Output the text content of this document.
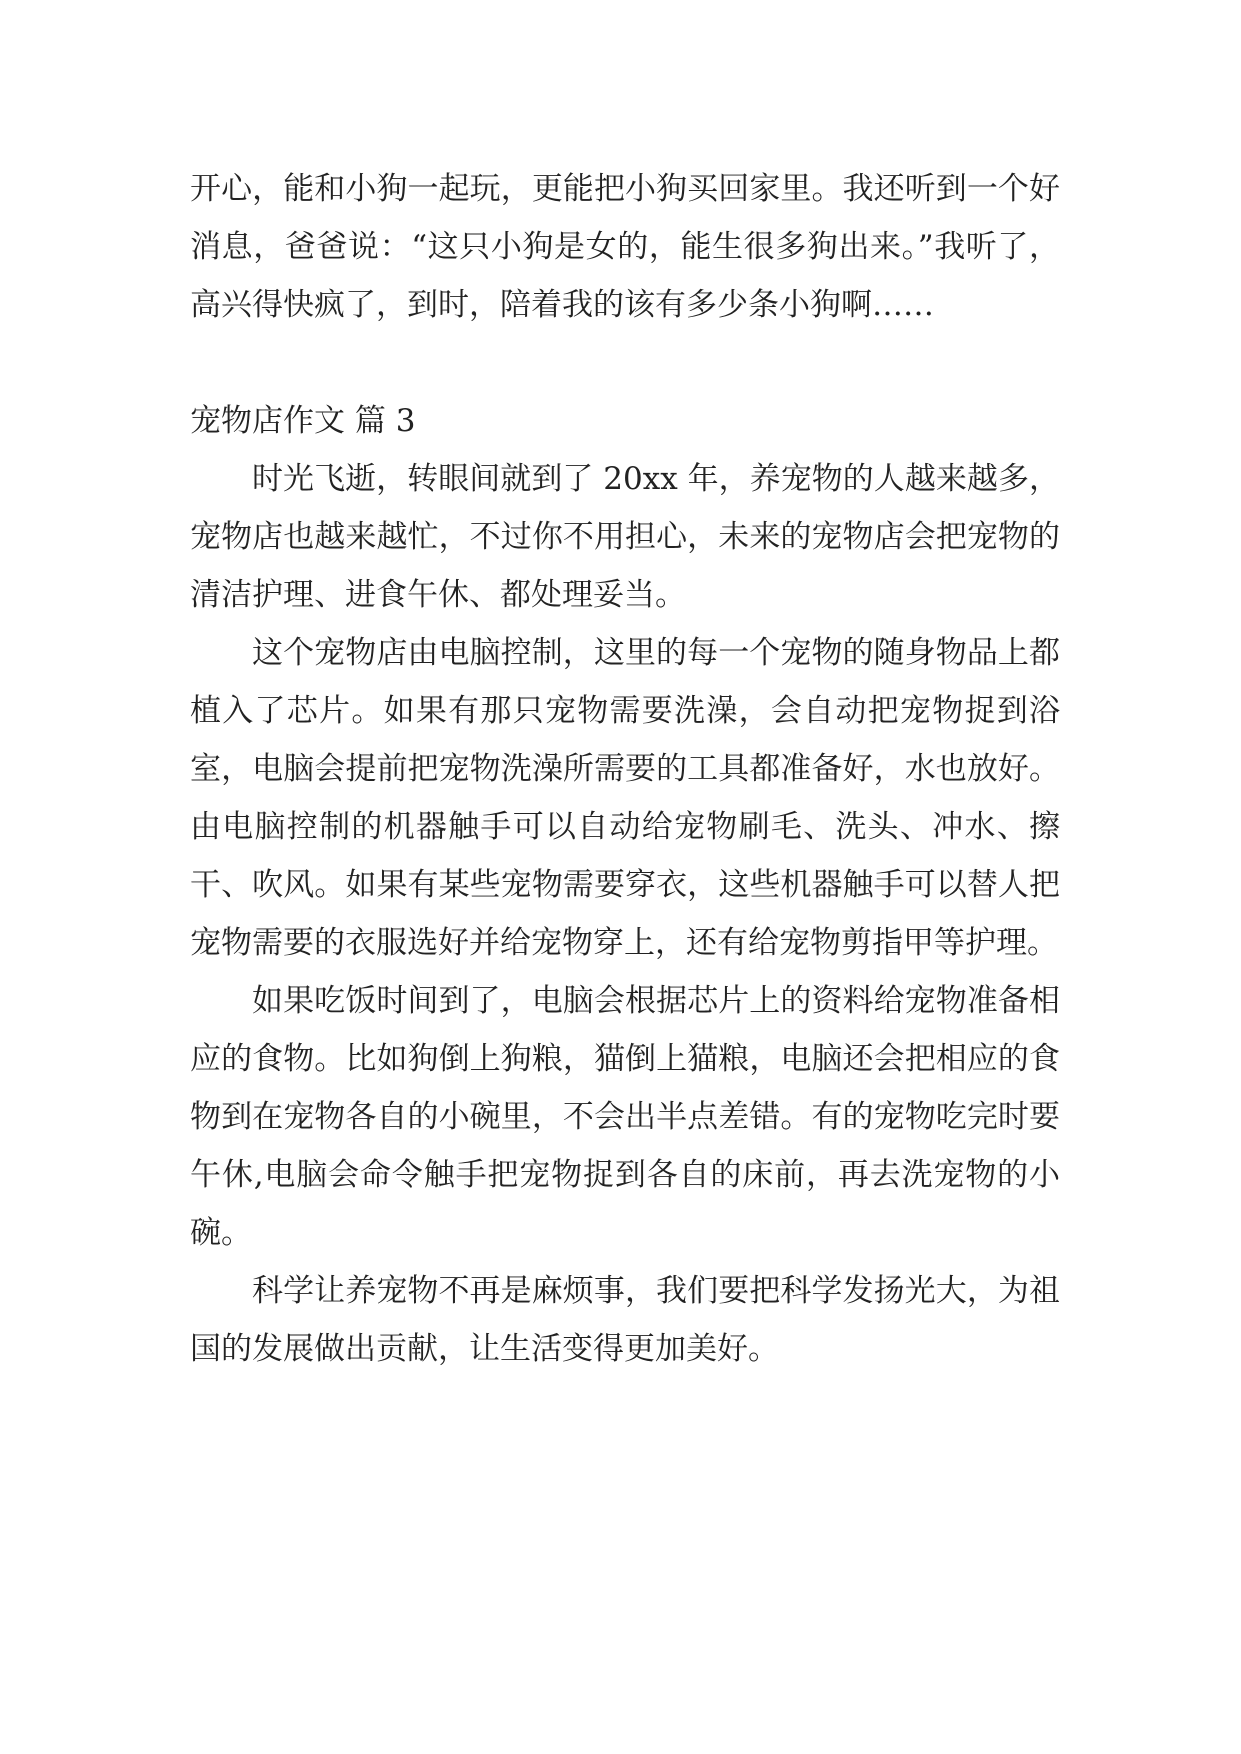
开心，能和小狗一起玩，更能把小狗买回家里。我还听到一个好消息，爸爸说：“这只小狗是女的，能生很多狗出来。”我听了，高兴得快疯了，到时，陪着我的该有多少条小狗啊……

宠物店作文 篇 3

时光飞逝，转眼间就到了 20xx 年，养宠物的人越来越多，宠物店也越来越忙，不过你不用担心，未来的宠物店会把宠物的清洁护理、进食午休、都处理妥当。

这个宠物店由电脑控制，这里的每一个宠物的随身物品上都植入了芯片。如果有那只宠物需要洗澡，会自动把宠物捉到浴室，电脑会提前把宠物洗澡所需要的工具都准备好，水也放好。由电脑控制的机器触手可以自动给宠物刷毛、洗头、冲水、擦干、吹风。如果有某些宠物需要穿衣，这些机器触手可以替人把宠物需要的衣服选好并给宠物穿上，还有给宠物剪指甲等护理。

如果吃饭时间到了，电脑会根据芯片上的资料给宠物准备相应的食物。比如狗倒上狗粮，猫倒上猫粮，电脑还会把相应的食物到在宠物各自的小碗里，不会出半点差错。有的宠物吃完时要午休,电脑会命令触手把宠物捉到各自的床前，再去洗宠物的小碗。

科学让养宠物不再是麻烦事，我们要把科学发扬光大，为祖国的发展做出贡献，让生活变得更加美好。
